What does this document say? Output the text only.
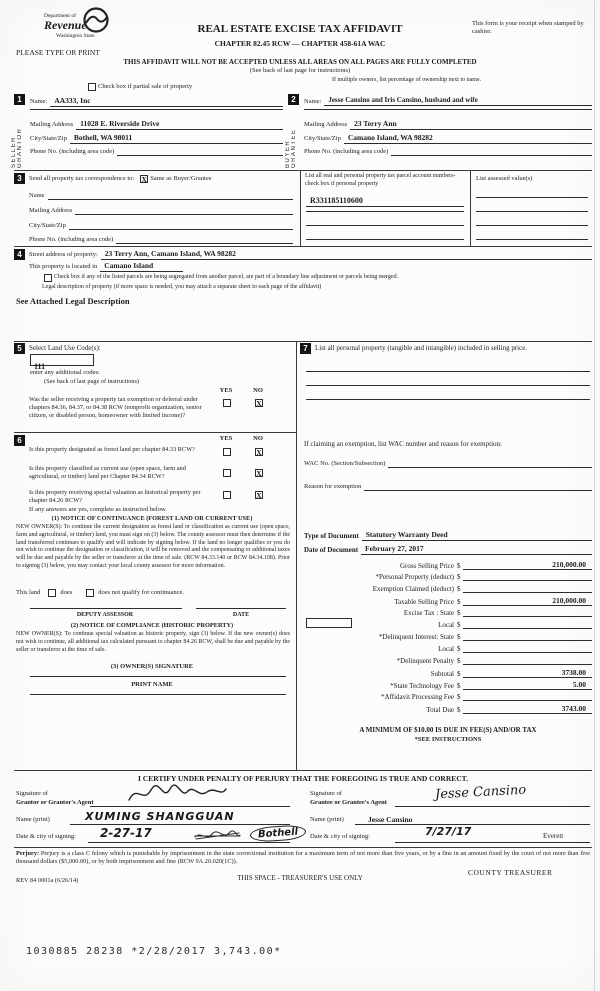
Department of
Revenue
Washington State
REAL ESTATE EXCISE TAX AFFIDAVIT
CHAPTER 82.45 RCW — CHAPTER 458-61A WAC
This form is your receipt when stamped by cashier.
PLEASE TYPE OR PRINT
THIS AFFIDAVIT WILL NOT BE ACCEPTED UNLESS ALL AREAS ON ALL PAGES ARE FULLY COMPLETED
(See back of last page for instructions)
If multiple owners, list percentage of ownership next to name.
Check box if partial sale of property
1
SELLER GRANTOR
Name: AA333, Inc
Mailing Address 11028 E. Riverside Drive
City/State/Zip Bothell, WA 98011
Phone No. (including area code)
2
BUYER GRANTEE
Name:	Jesse Cansino and Iris Cansino, husband and wife
Mailing Address 23 Terry Ann
City/State/Zip Camano Island, WA 98282
Phone No. (including area code)
3	Send all property tax correspondence to: X Same as Buyer/Grantee
Name
Mailing Address
City/State/Zip
Phone No. (including area code)
List all real and personal property tax parcel account numbers-check box if personal property
R331185110600
List assessed value(s)
4	Street address of property: 23 Terry Ann, Camano Island, WA 98282
This property is located in Camano Island
Check box if any of the listed parcels are being segregated from another parcel, are part of a boundary line adjustment or parcels being merged.
Legal description of property (if more space is needed, you may attach a separate sheet to each page of the affidavit)
See Attached Legal Description
5	Select Land Use Code(s):
111
enter any additional codes:
(See back of last page of instructions)
YES	NO
Was the seller receiving a property tax exemption or deferral under chapters 84.36, 84.37, or 84.38 RCW (nonprofit organization, senior citizen, or disabled person, homeowner with limited income)?
X
6	YES	NO
Is this property designated as forest land per chapter 84.33 RCW?	X
Is this property classified as current use (open space, farm and agricultural, or timber) land per Chapter 84.34 RCW?	X
Is this property receiving special valuation as historical property per chapter 84.26 RCW?
X
If any answers are yes, complete as instructed below.
(1) NOTICE OF CONTINUANCE (FOREST LAND OR CURRENT USE)
NEW OWNER(S): To continue the current designation as forest land or classification as current use (open space, farm and agricultural, or timber) land, you must sign on (3) below. The county assessor must then determine if the land transferred continues to qualify and will indicate by signing below. If the land no longer qualifies or you do not wish to continue the designation or classification, it will be removed and the compensating or additional taxes will be due and payable by the seller or transferor at the time of sale. (RCW 84.33.140 or RCW 84.34.108). Prior to signing (3) below, you may contact your local county assessor for more information.
This land	does	does not qualify for continuance.
DEPUTY ASSESSOR	DATE
(2) NOTICE OF COMPLIANCE (HISTORIC PROPERTY)
NEW OWNER(S): To continue special valuation as historic property, sign (3) below. If the new owner(s) does not wish to continue, all additional tax calculated pursuant to chapter 84.26 RCW, shall be due and payable by the seller or transferor at the time of sale.
(3) OWNER(S) SIGNATURE
PRINT NAME
7	List all personal property (tangible and intangible) included in selling price.
If claiming an exemption, list WAC number and reason for exemption:
WAC No. (Section/Subsection)
Reason for exemption
Type of Document Statutory Warranty Deed
Date of Document February 27, 2017
Gross Selling Price $	210,000.00
*Personal Property (deduct) $
Exemption Claimed (deduct) $
Taxable Selling Price $	210,000.00
Excise Tax : State $
Local $
*Delinquent Interest: State $
Local $
*Delinquent Penalty $
Subtotal $	3738.00
*State Technology Fee $	5.00
*Affidavit Processing Fee $
Total Due $	3743.00
A MINIMUM OF $10.00 IS DUE IN FEE(S) AND/OR TAX
*SEE INSTRUCTIONS
I CERTIFY UNDER PENALTY OF PERJURY THAT THE FOREGOING IS TRUE AND CORRECT.
Signature of
Grantor or Grantor's Agent
Signature of
Grantee or Grantee's Agent
Jesse Cansino
Name (print)	XUMING SHANGGUAN	Name (print)	Jesse Cansino
Date & city of signing: 2-27-17	Bothell	Date & city of signing:	7/27/17	Everett
Perjury: Perjury is a class C felony which is punishable by imprisonment in the state correctional institution for a maximum term of not more than five years, or by a fine in an amount fixed by the court of not more than five thousand dollars ($5,000.00), or by both imprisonment and fine (RCW 9A.20.020(1C)).
COUNTY TREASURER
THIS SPACE - TREASURER'S USE ONLY
REV 84 0001a (6/26/14)
1030885 28238 *2/28/2017 3,743.00*
